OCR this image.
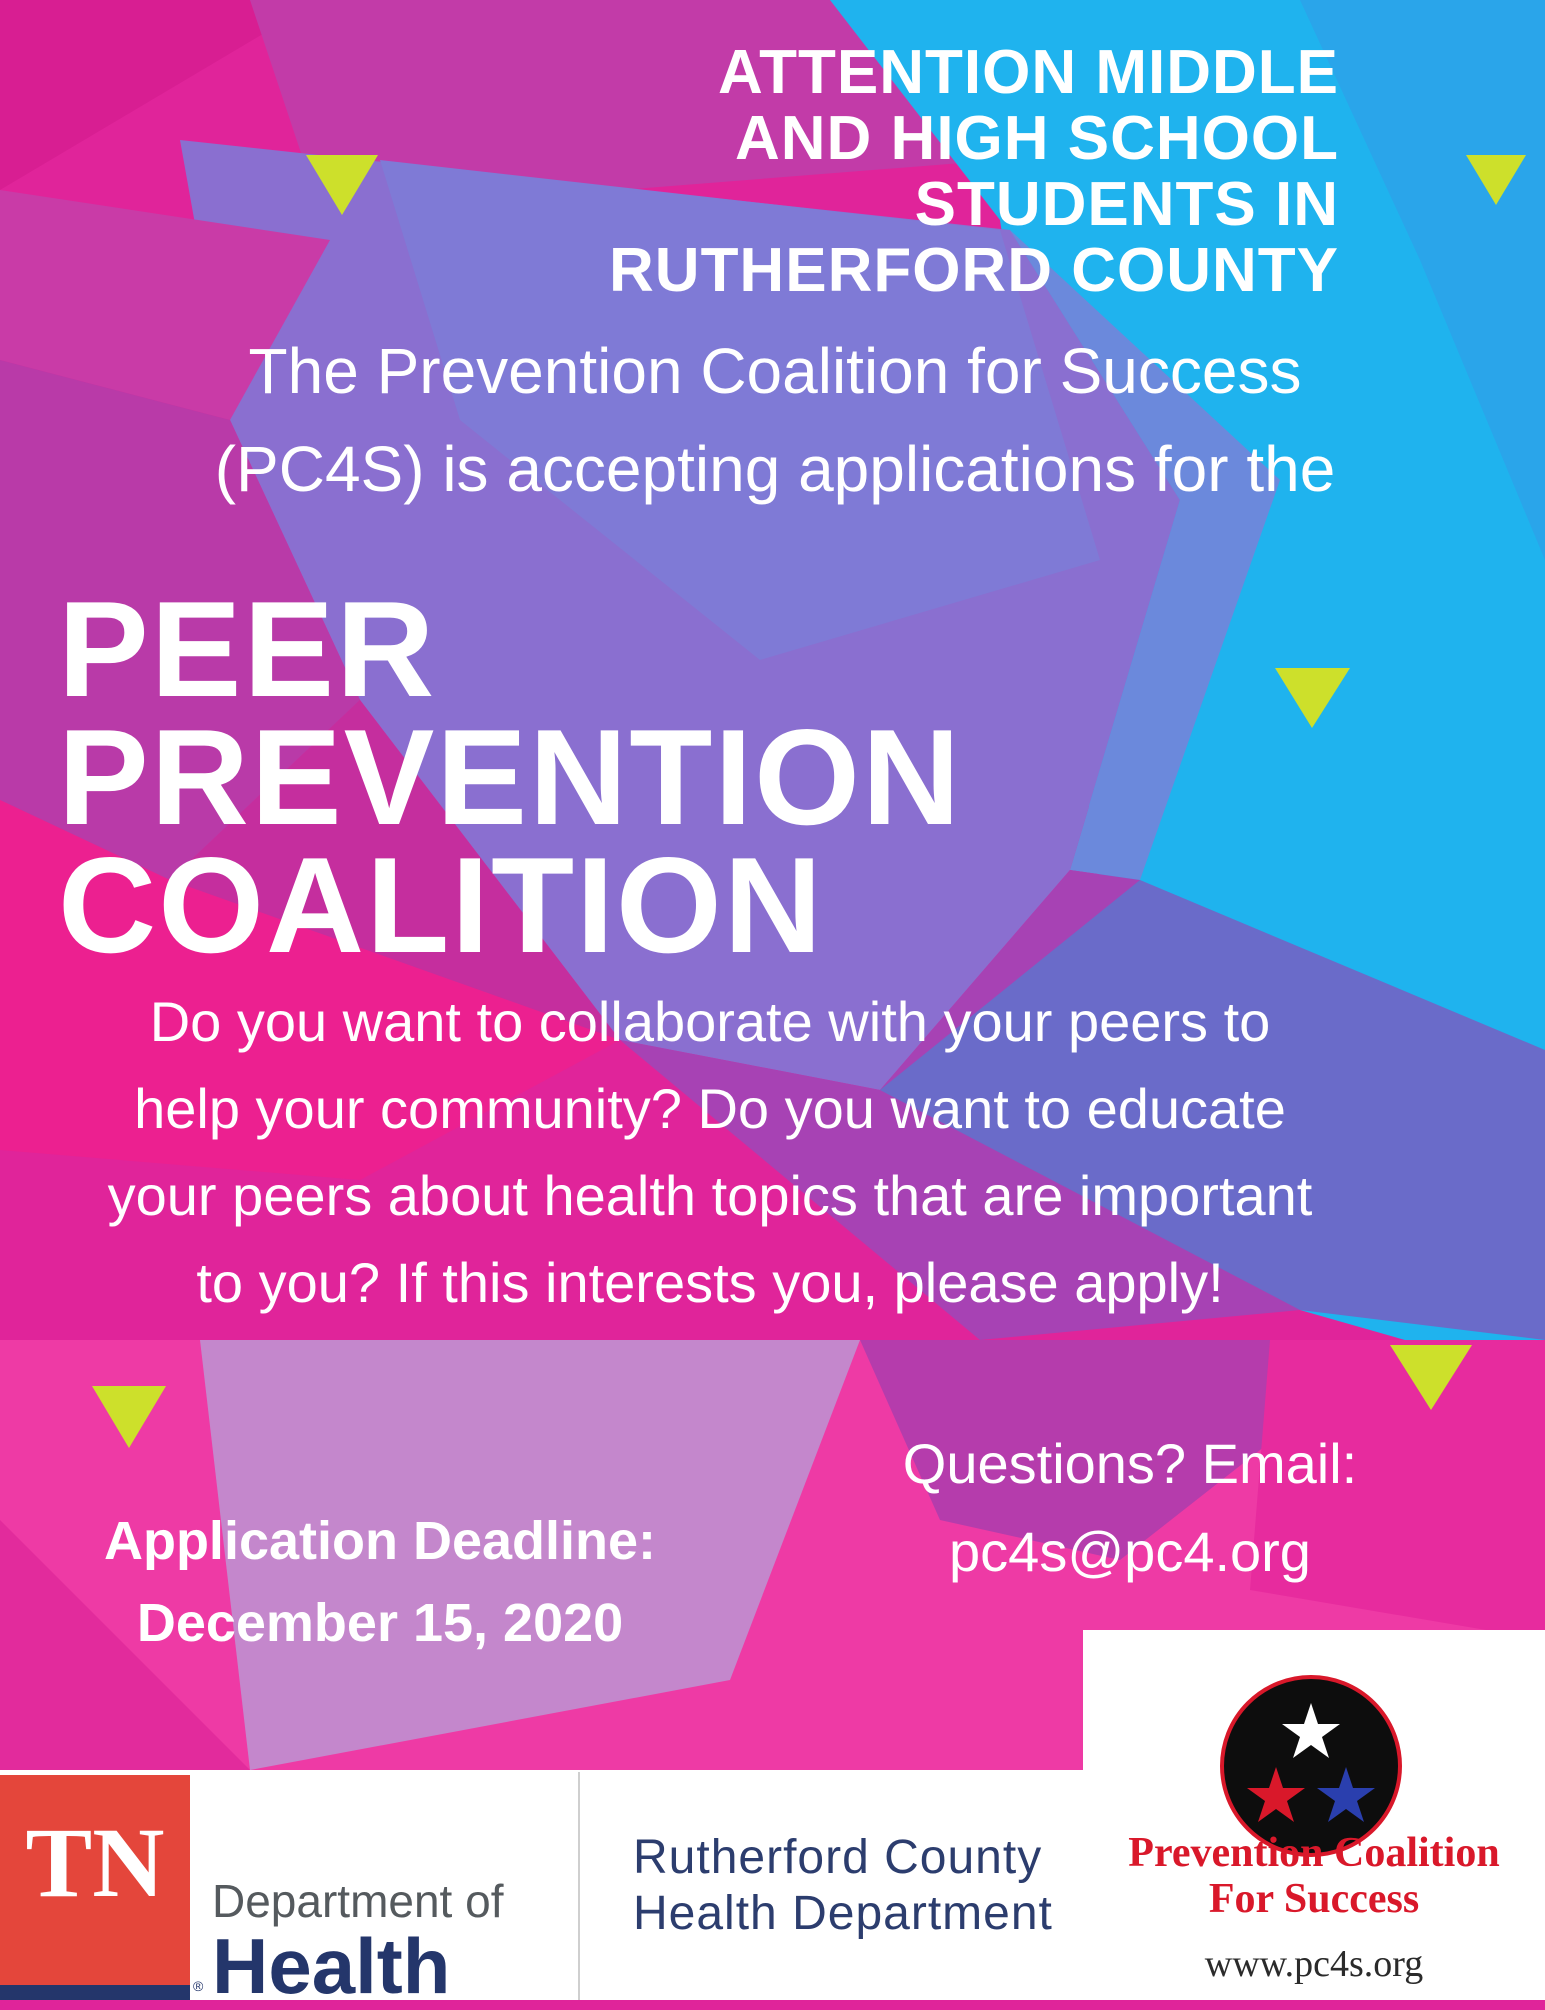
ATTENTION MIDDLE
AND HIGH SCHOOL
STUDENTS IN
RUTHERFORD COUNTY

The Prevention Coalition for Success
(PC4S) is accepting applications for the

PEER
PREVENTION
COALITION

Do you want to collaborate with your peers to
help your community? Do you want to educate
your peers about health topics that are important
to you? If this interests you, please apply!

Application Deadline:
December 15, 2020

Questions? Email:
pc4s@pc4.org

TN
®
Department of
Health
Rutherford County
Health Department
Prevention Coalition
For Success
www.pc4s.org
